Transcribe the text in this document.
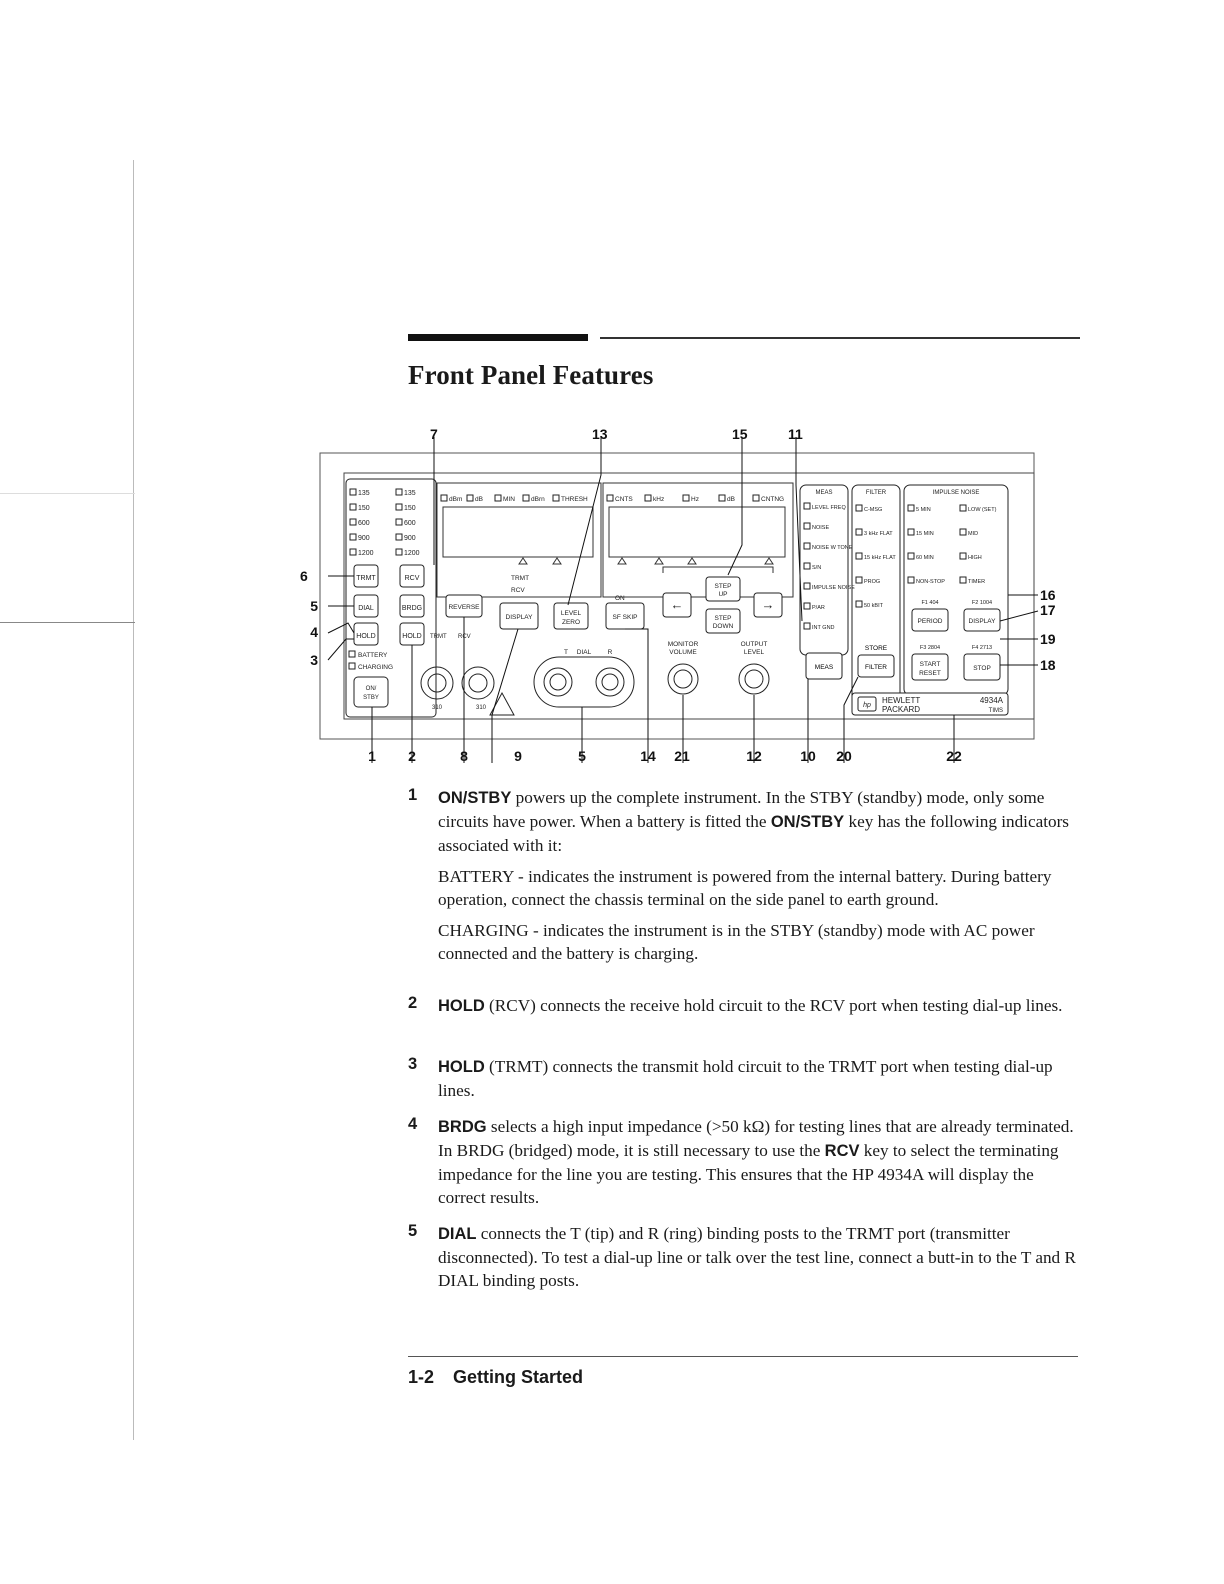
Front Panel Features
135
150
600
900
1200
135
150
600
900
1200
TRMT	RCV
DIAL	BRDG
HOLD	HOLD
BATTERY
CHARGING
ON/
STBY
TRMT RCV
310	310
dBm dB	MIN dBrn	THRESH	CNTS	kHz	Hz	dB	CNTNG
TRMT
RCV
ON
T DIAL	R
MONITOR
VOLUME
OUTPUT
LEVEL
REVERSE
DISPLAY
LEVEL
ZERO
SF SKIP
STEP
UP
STEP
DOWN
←	→
MEAS
LEVEL FREQ
NOISE
NOISE W TONE
S/N
IMPULSE NOISE
P/AR
INT GND
MEAS
FILTER
C-MSG
3 kHz FLAT
15 kHz FLAT
PROG
50 kBIT
STORE
FILTER
IMPULSE NOISE
5 MIN	LOW (SET)
15 MIN	MID
60 MIN	HIGH
NON-STOP	TIMER
F1 404	F2 1004
F3 2804	F4 2713
PERIOD	DISPLAY
START
RESET
STOP
hp
HEWLETT
PACKARD
4934A
TIMS
7	13	15	11
6
5
4
3
16
17
19
18
1 2	8	9	5	14 21	12	10 20	22
1 ON/STBY powers up the complete instrument. In the STBY (standby) mode, only some circuits have power. When a battery is fitted the ON/STBY key has the following indicators associated with it:

BATTERY - indicates the instrument is powered from the internal battery. During battery operation, connect the chassis terminal on the side panel to earth ground.

CHARGING - indicates the instrument is in the STBY (standby) mode with AC power connected and the battery is charging.

2 HOLD (RCV) connects the receive hold circuit to the RCV port when testing dial-up lines.

3 HOLD (TRMT) connects the transmit hold circuit to the TRMT port when testing dial-up lines.

4 BRDG selects a high input impedance (>50 kΩ) for testing lines that are already terminated. In BRDG (bridged) mode, it is still necessary to use the RCV key to select the terminating impedance for the line you are testing. This ensures that the HP 4934A will display the correct results.

5 DIAL connects the T (tip) and R (ring) binding posts to the TRMT port (transmitter disconnected). To test a dial-up line or talk over the test line, connect a butt-in to the T and R DIAL binding posts.

1-2 Getting Started
